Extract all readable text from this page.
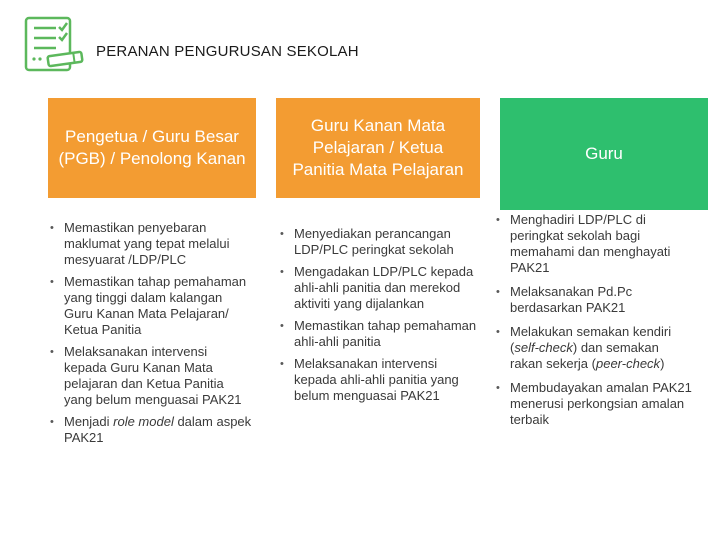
PERANAN PENGURUSAN SEKOLAH
Pengetua / Guru Besar (PGB) / Penolong Kanan
Guru Kanan Mata Pelajaran / Ketua Panitia Mata Pelajaran
Guru
• Memastikan penyebaran maklumat yang tepat melalui mesyuarat /LDP/PLC
• Memastikan tahap pemahaman yang tinggi dalam kalangan Guru Kanan Mata Pelajaran/ Ketua Panitia
• Melaksanakan intervensi kepada Guru Kanan Mata pelajaran dan Ketua Panitia yang belum menguasai PAK21
• Menjadi role model dalam aspek PAK21
• Menyediakan perancangan LDP/PLC peringkat sekolah
• Mengadakan LDP/PLC kepada ahli-ahli panitia dan merekod aktiviti yang dijalankan
• Memastikan tahap pemahaman ahli-ahli panitia
• Melaksanakan intervensi kepada ahli-ahli panitia yang belum menguasai PAK21
• Menghadiri LDP/PLC di peringkat sekolah bagi memahami dan menghayati PAK21
• Melaksanakan Pd.Pc berdasarkan PAK21
• Melakukan semakan kendiri (self-check) dan semakan rakan sekerja (peer-check)
• Membudayakan amalan PAK21 menerusi perkongsian amalan terbaik
